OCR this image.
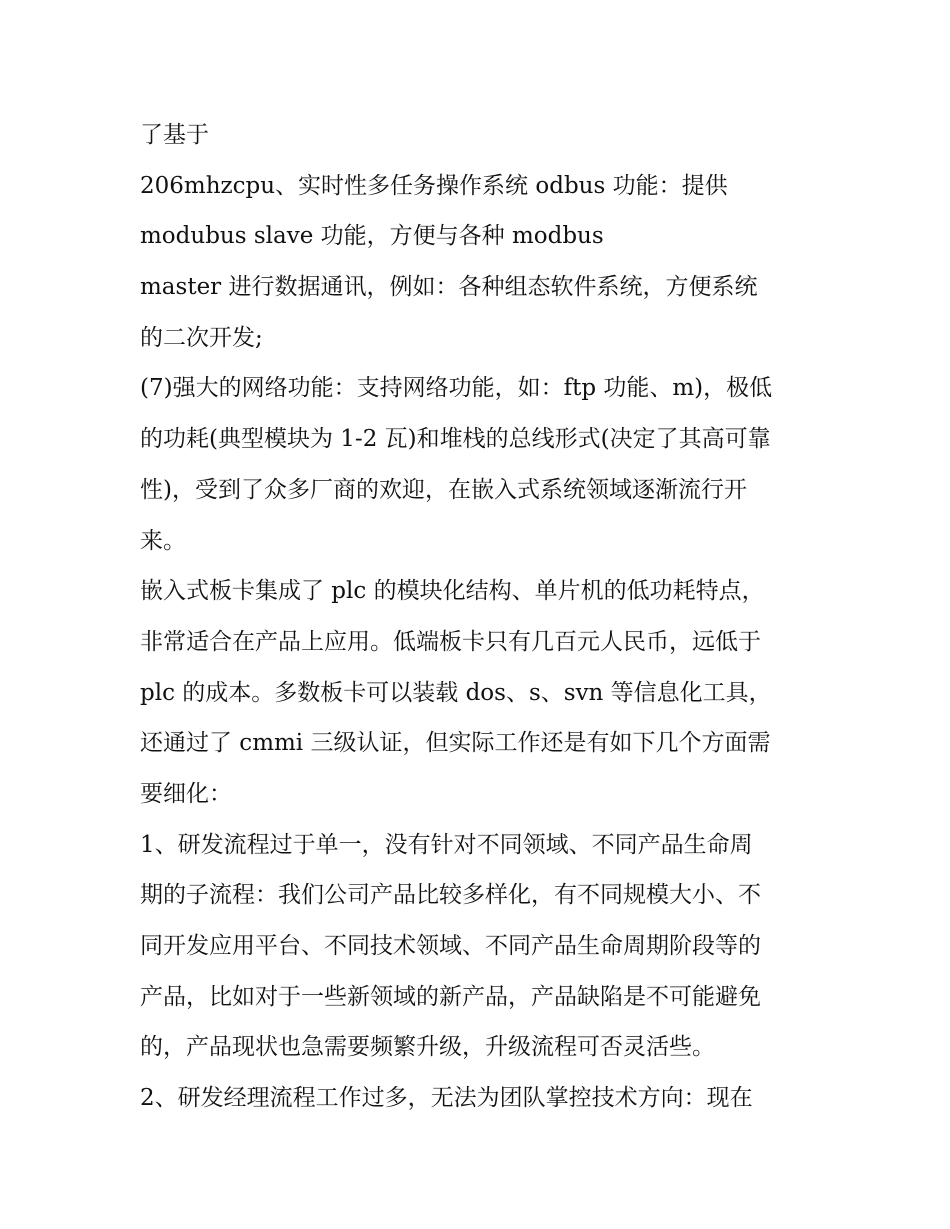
了基于
206mhzcpu、实时性多任务操作系统 odbus 功能：提供
modubus slave 功能，方便与各种 modbus
master 进行数据通讯，例如：各种组态软件系统，方便系统
的二次开发;
(7)强大的网络功能：支持网络功能，如：ftp 功能、m)，极低
的功耗(典型模块为 1-2 瓦)和堆栈的总线形式(决定了其高可靠
性)，受到了众多厂商的欢迎，在嵌入式系统领域逐渐流行开
来。
嵌入式板卡集成了 plc 的模块化结构、单片机的低功耗特点，
非常适合在产品上应用。低端板卡只有几百元人民币，远低于
plc 的成本。多数板卡可以装载 dos、s、svn 等信息化工具，
还通过了 cmmi 三级认证，但实际工作还是有如下几个方面需
要细化：
1、研发流程过于单一，没有针对不同领域、不同产品生命周
期的子流程：我们公司产品比较多样化，有不同规模大小、不
同开发应用平台、不同技术领域、不同产品生命周期阶段等的
产品，比如对于一些新领域的新产品，产品缺陷是不可能避免
的，产品现状也急需要频繁升级，升级流程可否灵活些。
2、研发经理流程工作过多，无法为团队掌控技术方向：现在
